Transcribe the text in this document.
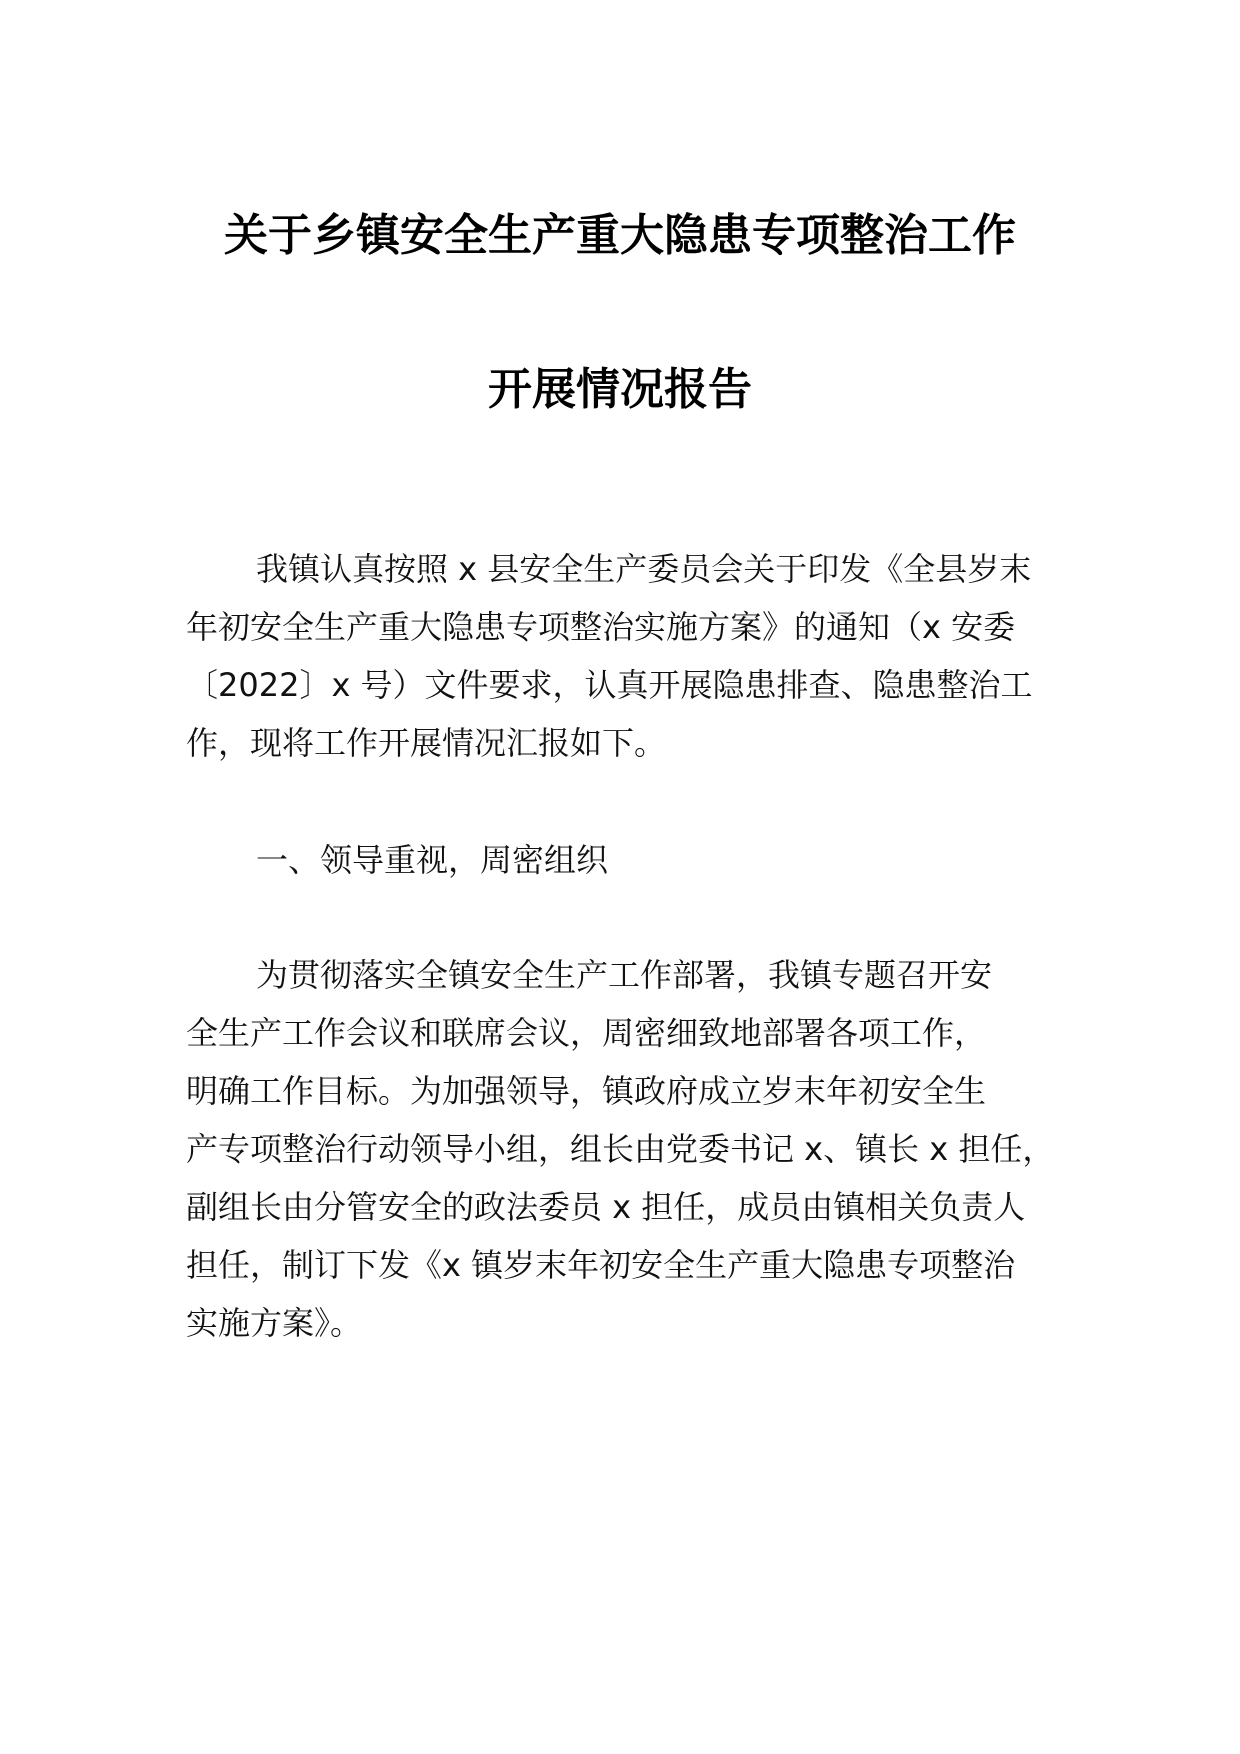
关于乡镇安全生产重大隐患专项整治工作
开展情况报告
我镇认真按照 x 县安全生产委员会关于印发《全县岁末
年初安全生产重大隐患专项整治实施方案》的通知（x 安委
〔2022〕x 号）文件要求，认真开展隐患排查、隐患整治工
作，现将工作开展情况汇报如下。
一、领导重视，周密组织
为贯彻落实全镇安全生产工作部署，我镇专题召开安
全生产工作会议和联席会议，周密细致地部署各项工作，
明确工作目标。为加强领导，镇政府成立岁末年初安全生
产专项整治行动领导小组，组长由党委书记 x、镇长 x 担任，
副组长由分管安全的政法委员 x 担任，成员由镇相关负责人
担任，制订下发《x 镇岁末年初安全生产重大隐患专项整治
实施方案》。
